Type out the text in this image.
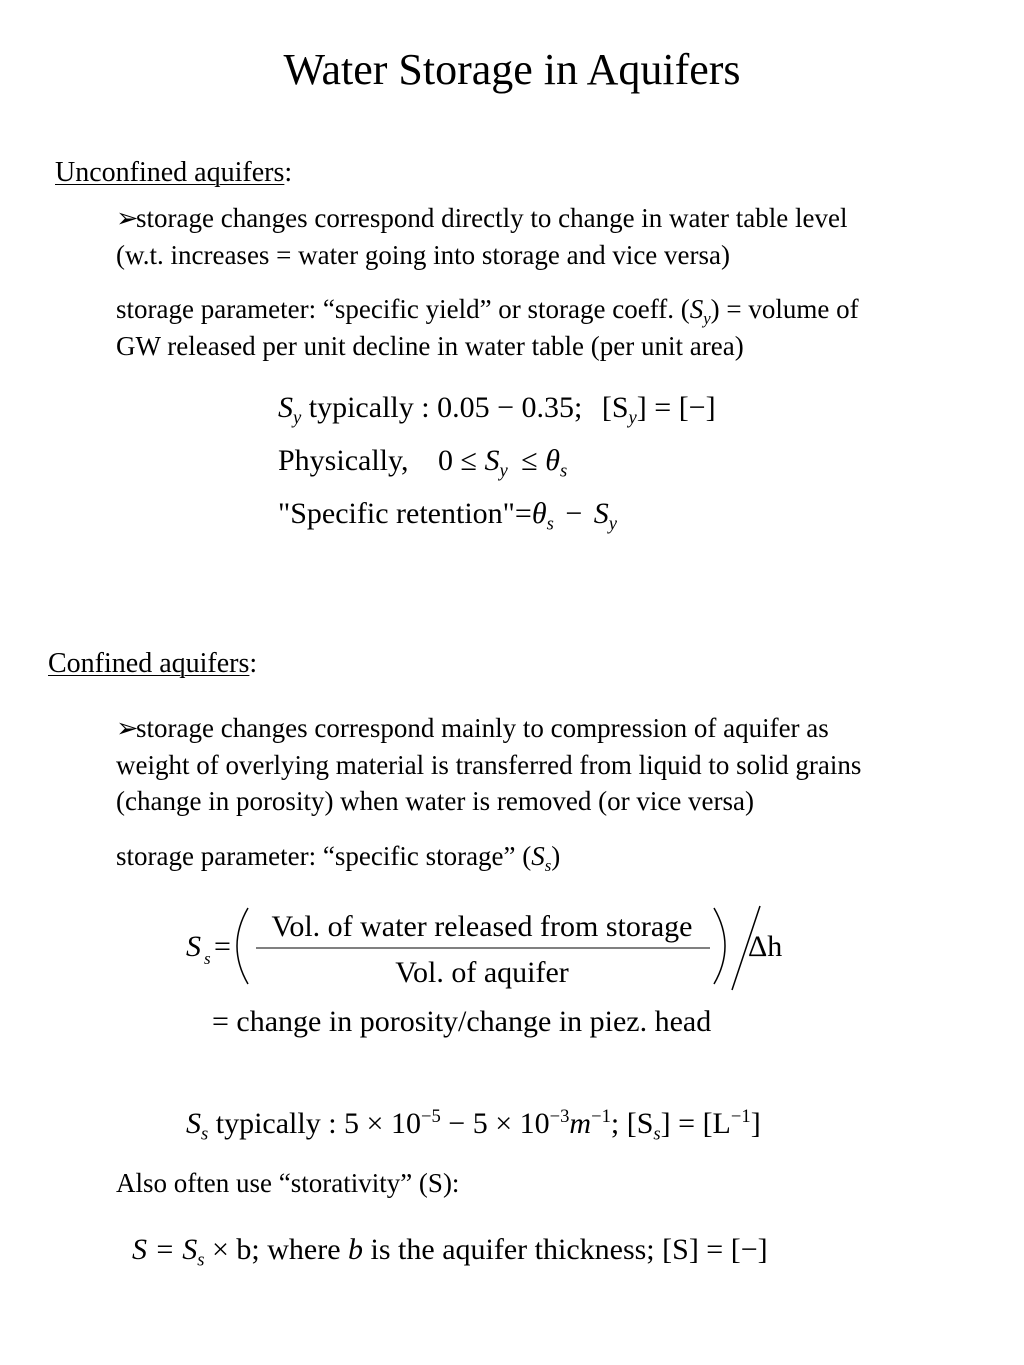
Water Storage in Aquifers
Unconfined aquifers:
➢storage changes correspond directly to change in water table level
(w.t. increases = water going into storage and vice versa)
storage parameter: “specific yield” or storage coeff. $(S_y)$ = volume of
GW released per unit decline in water table (per unit area)
$S_y$ typically : 0.05 − 0.35; $[S_y]$ = [−]
Physically, $0 \le S_y \le \theta_s$
"Specific $retention"=\theta_s - S_y$
Confined aquifers:
➢storage changes correspond mainly to compression of aquifer as
weight of overlying material is transferred from liquid to solid grains
(change in porosity) when water is removed (or vice versa)
storage parameter: “specific storage” $(S_s)$
S s =
Vol. of water released from storage
Vol. of aquifer
Δh
= change in porosity/change in piez. head
$S_s$ typically : $5 \times 10^{-5} - 5 \times 10^{-3}m^{-1}$; $[S_s] = [L^{-1}]$
Also often use “storativity” (S):
$S = S_s \times b$; where b is the aquifer thickness; [S] = [−]
